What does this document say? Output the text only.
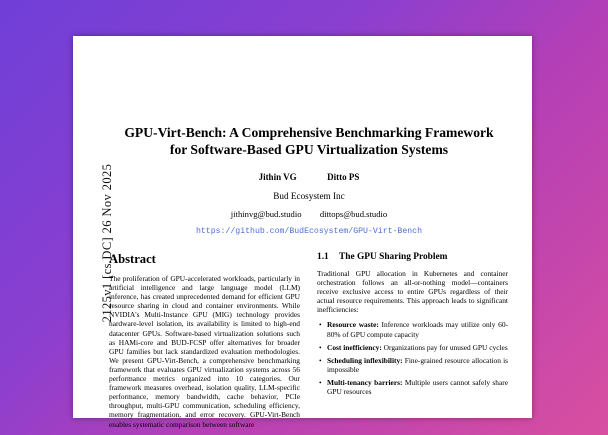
2125v1 [cs.DC] 26 Nov 2025
GPU-Virt-Bench: A Comprehensive Benchmarking Framework
for Software-Based GPU Virtualization Systems
Jithin VG	Ditto PS
Bud Ecosystem Inc
jithinvg@bud.studio dittops@bud.studio
https://github.com/BudEcosystem/GPU-Virt-Bench
Abstract

The proliferation of GPU-accelerated workloads, particularly in artificial intelligence and large language model (LLM) inference, has created unprecedented demand for efficient GPU resource sharing in cloud and container environments. While NVIDIA's Multi-Instance GPU (MIG) technology provides hardware-level isolation, its availability is limited to high-end datacenter GPUs. Software-based virtualization solutions such as HAMi-core and BUD-FCSP offer alternatives for broader GPU families but lack standardized evaluation methodologies. We present GPU-Virt-Bench, a comprehensive benchmarking framework that evaluates GPU virtualization systems across 56 performance metrics organized into 10 categories. Our framework measures overhead, isolation quality, LLM-specific performance, memory bandwidth, cache behavior, PCIe throughput, multi-GPU communication, scheduling efficiency, memory fragmentation, and error recovery. GPU-Virt-Bench enables systematic comparison between software

1.1 The GPU Sharing Problem

Traditional GPU allocation in Kubernetes and container orchestration follows an all-or-nothing model—containers receive exclusive access to entire GPUs regardless of their actual resource requirements. This approach leads to significant inefficiencies:

• Resource waste: Inference workloads may utilize only 60-80% of GPU compute capacity
• Cost inefficiency: Organizations pay for unused GPU cycles
• Scheduling inflexibility: Fine-grained resource allocation is impossible
• Multi-tenancy barriers: Multiple users cannot safely share GPU resources
